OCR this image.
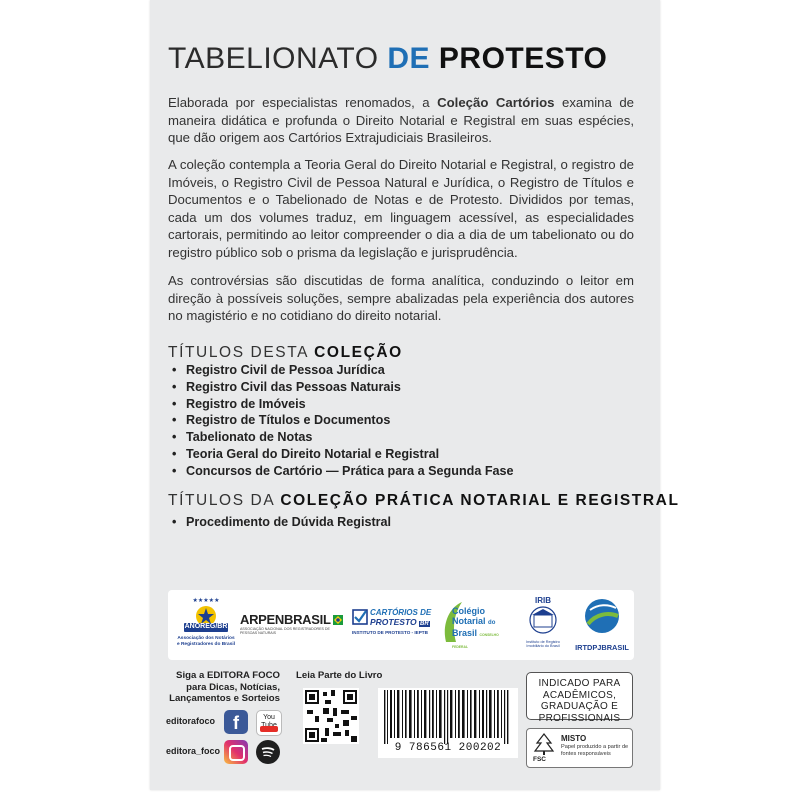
TABELIONATO DE PROTESTO

Elaborada por especialistas renomados, a Coleção Cartórios examina de maneira didática e profunda o Direito Notarial e Registral em suas espécies, que dão origem aos Cartórios Extrajudiciais Brasileiros.

A coleção contempla a Teoria Geral do Direito Notarial e Registral, o registro de Imóveis, o Registro Civil de Pessoa Natural e Jurídica, o Registro de Títulos e Documentos e o Tabelionado de Notas e de Protesto. Divididos por temas, cada um dos volumes traduz, em linguagem acessível, as especialidades cartorais, permitindo ao leitor compreender o dia a dia de um tabelionato ou do registro público sob o prisma da legislação e jurisprudência.

As controvérsias são discutidas de forma analítica, conduzindo o leitor em direção à possíveis soluções, sempre abalizadas pela experiência dos autores no magistério e no cotidiano do direito notarial.

TÍTULOS DESTA COLEÇÃO
• Registro Civil de Pessoa Jurídica
• Registro Civil das Pessoas Naturais
• Registro de Imóveis
• Registro de Títulos e Documentos
• Tabelionato de Notas
• Teoria Geral do Direito Notarial e Registral
• Concursos de Cartório — Prática para a Segunda Fase
TÍTULOS DA COLEÇÃO PRÁTICA NOTARIAL E REGISTRAL
• Procedimento de Dúvida Registral
★★★★★
ANOREG/BR
Associação dos Notários e Registradores do Brasil
ARPENBRASIL
ASSOCIAÇÃO NACIONAL DOS REGISTRADORES DE PESSOAS NATURAIS
CARTÓRIOS DE
PROTESTO BR
INSTITUTO DE PROTESTO - IEPTB
Colégio
Notarial do
Brasil CONSELHO FEDERAL
IRIB
Instituto de Registro Imobiliário do Brasil	IRTDPJBRASIL
Siga a EDITORA FOCO para Dicas, Notícias, Lançamentos e Sorteios
editorafoco f	You
editora_foco
Leia Parte do Livro
9 786561 200202
INDICADO PARA ACADÊMICOS, GRADUAÇÃO E PROFISSIONAIS
FSC
MISTO
Papel produzido a partir de fontes responsáveis
